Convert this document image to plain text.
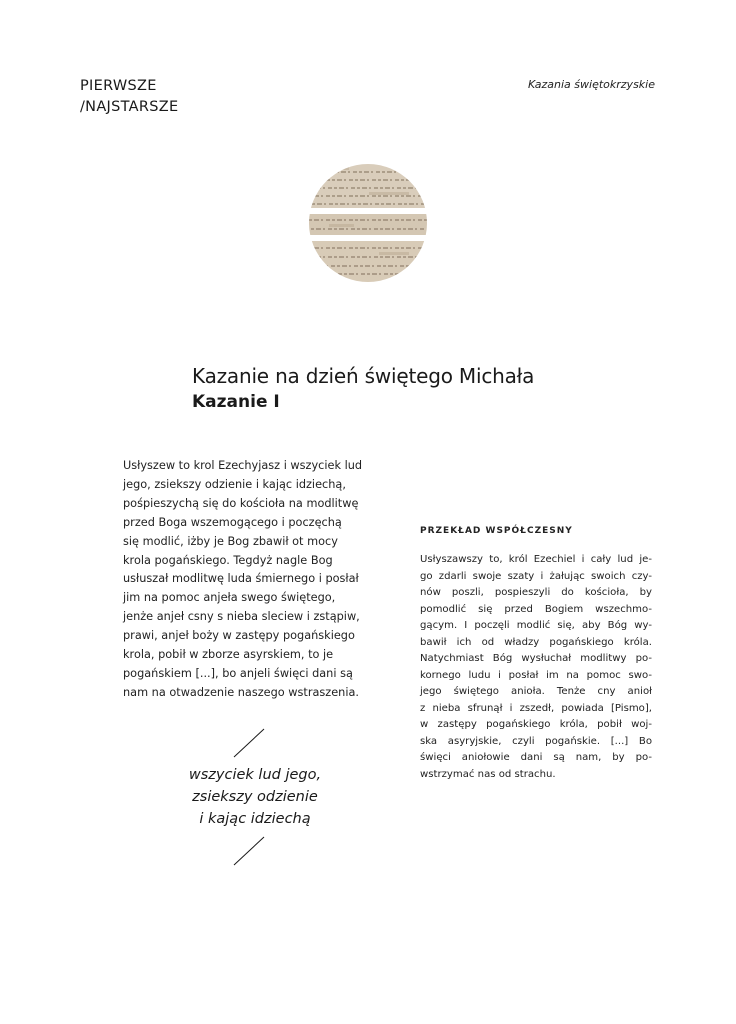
PIERWSZE
/NAJSTARSZE
Kazania świętokrzyskie
Kazanie na dzień świętego Michała
Kazanie I
Usłyszew to krol Ezechyjasz i wszyciek lud
jego, zsiekszy odzienie i kając idziechą,
pośpieszychą się do kościoła na modlitwę
przed Boga wszemogącego i poczęchą
się modlić, iżby je Bog zbawił ot mocy
krola pogańskiego. Tegdyż nagle Bog
usłuszał modlitwę luda śmiernego i posłał
jim na pomoc anjeła swego świętego,
jenże anjeł csny s nieba sleciew i zstąpiw,
prawi, anjeł boży w zastępy pogańskiego
krola, pobił w zborze asyrskiem, to je
pogańskiem [...], bo anjeli święci dani są
nam na otwadzenie naszego wstraszenia.
PRZEKŁAD WSPÓŁCZESNY
Usłyszawszy to, król Ezechiel i cały lud je-
go zdarli swoje szaty i żałując swoich czy-
nów poszli, pospieszyli do kościoła, by
pomodlić się przed Bogiem wszechmo-
gącym. I poczęli modlić się, aby Bóg wy-
bawił ich od władzy pogańskiego króla.
Natychmiast Bóg wysłuchał modlitwy po-
kornego ludu i posłał im na pomoc swo-
jego świętego anioła. Tenże cny anioł
z nieba sfrunął i zszedł, powiada [Pismo],
w zastępy pogańskiego króla, pobił woj-
ska asyryjskie, czyli pogańskie. [...] Bo
święci aniołowie dani są nam, by po-
wstrzymać nas od strachu.
wszyciek lud jego,
zsiekszy odzienie
i kając idziechą
